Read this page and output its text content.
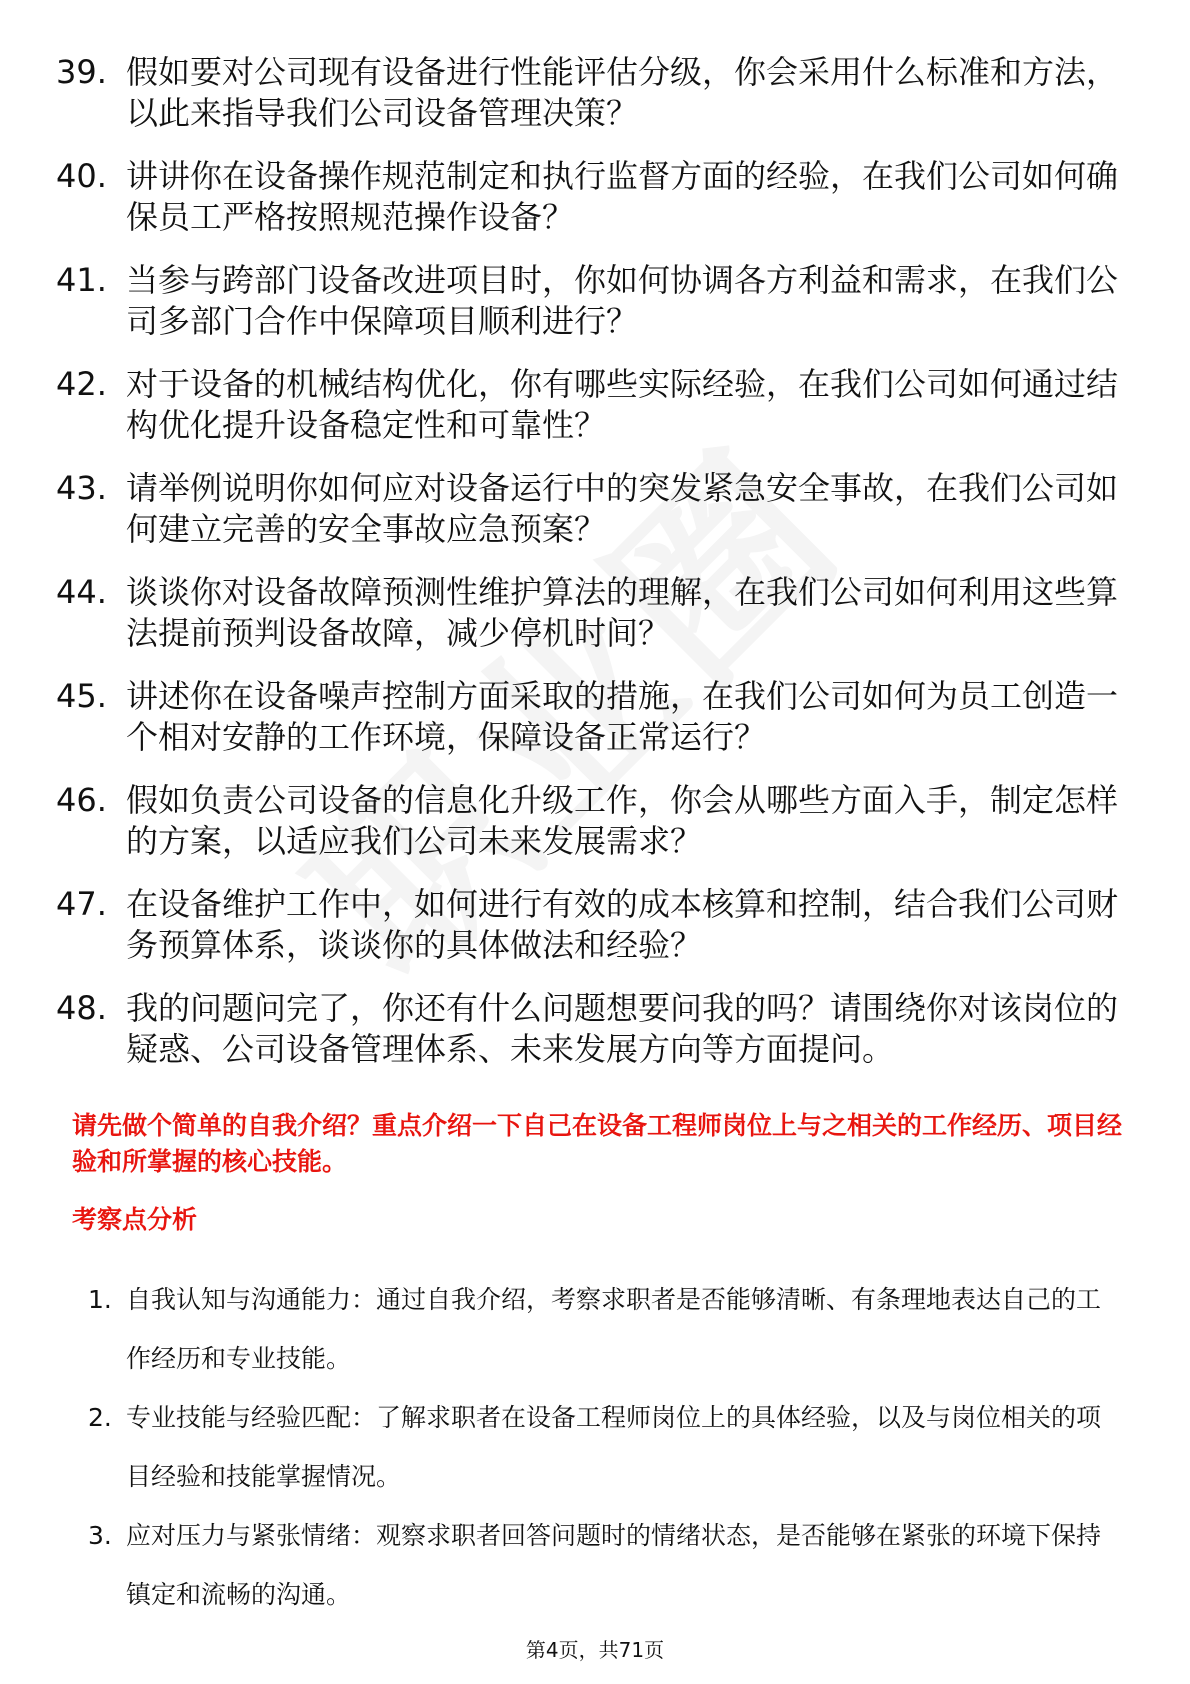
39. 假如要对公司现有设备进行性能评估分级，你会采用什么标准和方法，以此来指导我们公司设备管理决策？
40. 讲讲你在设备操作规范制定和执行监督方面的经验，在我们公司如何确保员工严格按照规范操作设备？
41. 当参与跨部门设备改进项目时，你如何协调各方利益和需求，在我们公司多部门合作中保障项目顺利进行？
42. 对于设备的机械结构优化，你有哪些实际经验，在我们公司如何通过结构优化提升设备稳定性和可靠性？
43. 请举例说明你如何应对设备运行中的突发紧急安全事故，在我们公司如何建立完善的安全事故应急预案？
44. 谈谈你对设备故障预测性维护算法的理解，在我们公司如何利用这些算法提前预判设备故障，减少停机时间？
45. 讲述你在设备噪声控制方面采取的措施，在我们公司如何为员工创造一个相对安静的工作环境，保障设备正常运行？
46. 假如负责公司设备的信息化升级工作，你会从哪些方面入手，制定怎样的方案，以适应我们公司未来发展需求？
47. 在设备维护工作中，如何进行有效的成本核算和控制，结合我们公司财务预算体系，谈谈你的具体做法和经验？
48. 我的问题问完了，你还有什么问题想要问我的吗？请围绕你对该岗位的疑惑、公司设备管理体系、未来发展方向等方面提问。
请先做个简单的自我介绍？重点介绍一下自己在设备工程师岗位上与之相关的工作经历、项目经验和所掌握的核心技能。
考察点分析
1. 自我认知与沟通能力：通过自我介绍，考察求职者是否能够清晰、有条理地表达自己的工作经历和专业技能。
2. 专业技能与经验匹配：了解求职者在设备工程师岗位上的具体经验，以及与岗位相关的项目经验和技能掌握情况。
3. 应对压力与紧张情绪：观察求职者回答问题时的情绪状态，是否能够在紧张的环境下保持镇定和流畅的沟通。
第4页，共71页
